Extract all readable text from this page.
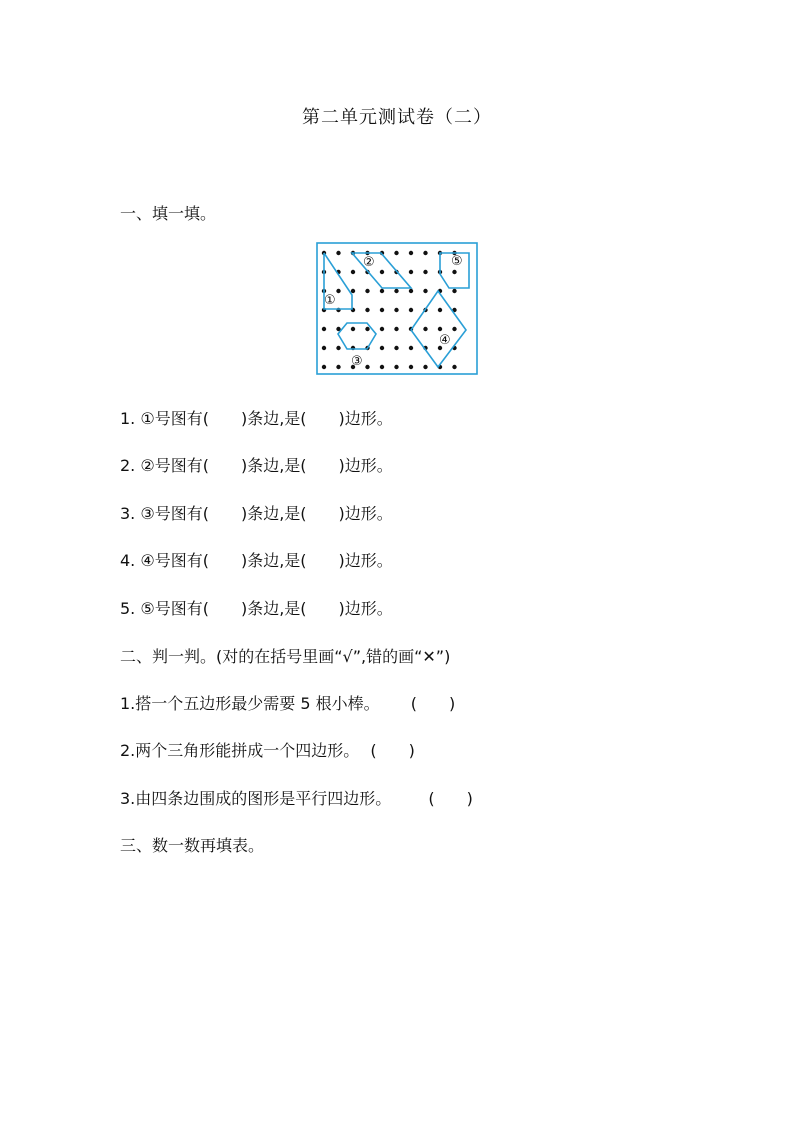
第二单元测试卷（二）
一、填一填。
①
②
③
④
⑤
1. ①号图有(　　)条边,是(　　)边形。
2. ②号图有(　　)条边,是(　　)边形。
3. ③号图有(　　)条边,是(　　)边形。
4. ④号图有(　　)条边,是(　　)边形。
5. ⑤号图有(　　)条边,是(　　)边形。
二、判一判。(对的在括号里画“√”,错的画“✕”)
1.搭一个五边形最少需要 5 根小棒。 (　　)
2.两个三角形能拼成一个四边形。 (　　)
3.由四条边围成的图形是平行四边形。 (　　)
三、数一数再填表。
